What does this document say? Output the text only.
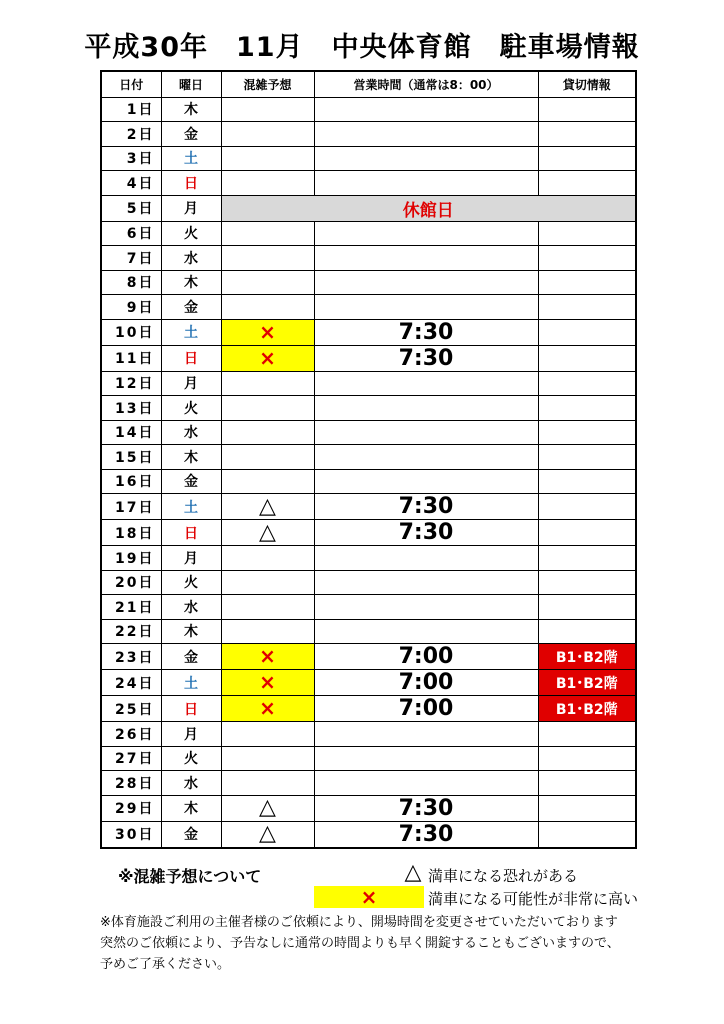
平成30年　11月　中央体育館　駐車場情報
日付	曜日	混雑予想	営業時間（通常は8：00）	貸切情報
1日	木			
2日	金			
3日	土			
4日	日			
5日	月	休館日		
6日	火			
7日	水			
8日	木			
9日	金			
10日	土	×	7:30	
11日	日	×	7:30	
12日	月			
13日	火			
14日	水			
15日	木			
16日	金			
17日	土	△	7:30	
18日	日	△	7:30	
19日	月			
20日	火			
21日	水			
22日	木			
23日	金	×	7:00	B1･B2階
24日	土	×	7:00	B1･B2階
25日	日	×	7:00	B1･B2階
26日	月			
27日	火			
28日	水			
29日	木	△	7:30	
30日	金	△	7:30	
※混雑予想について	△ 満車になる恐れがある
×	満車になる可能性が非常に高い
※体育施設ご利用の主催者様のご依頼により、開場時間を変更させていただいております
突然のご依頼により、予告なしに通常の時間よりも早く開錠することもございますので、
予めご了承ください。
